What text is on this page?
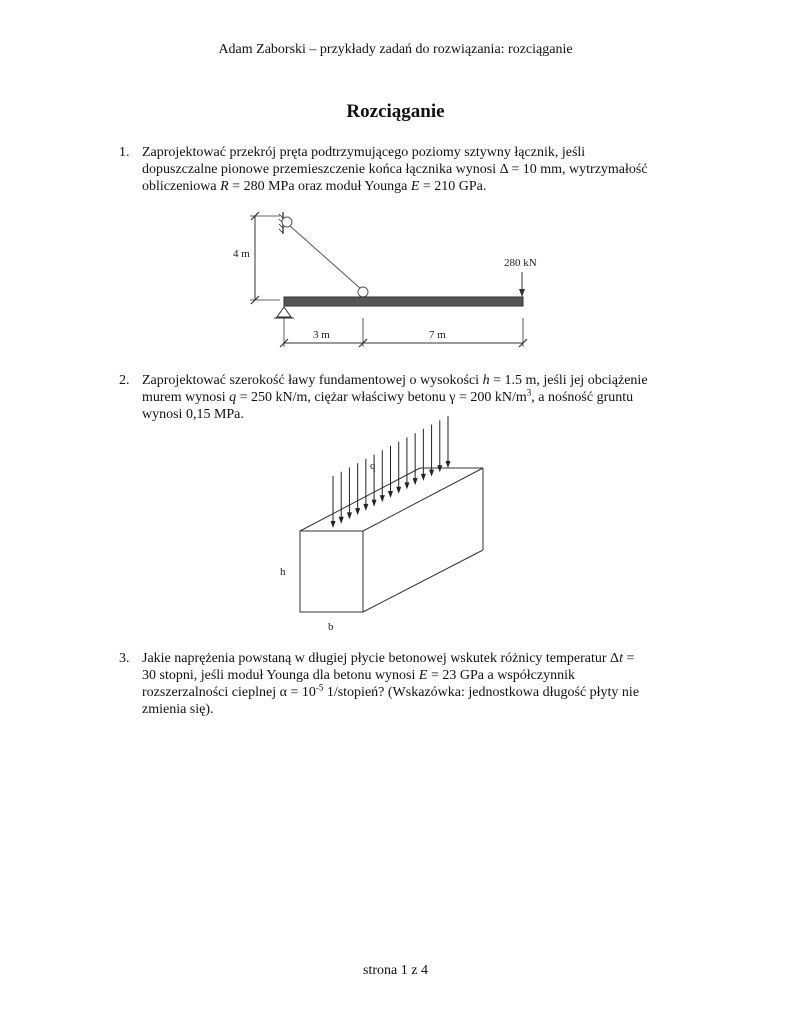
Adam Zaborski – przykłady zadań do rozwiązania: rozciąganie
Rozciąganie
1. Zaprojektować przekrój pręta podtrzymującego poziomy sztywny łącznik, jeśli

dopuszczalne pionowe przemieszczenie końca łącznika wynosi Δ = 10 mm, wytrzymałość

obliczeniowa R = 280 MPa oraz moduł Younga E = 210 GPa.

4 m
280 kN
3 m	7 m
2. Zaprojektować szerokość ławy fundamentowej o wysokości h = 1.5 m, jeśli jej obciążenie

murem wynosi q = 250 kN/m, ciężar właściwy betonu γ = 200 $kN/m^3$, a nośność gruntu

wynosi 0,15 MPa.

q
h
b
3. Jakie naprężenia powstaną w długiej płycie betonowej wskutek różnicy temperatur Δt =

30 stopni, jeśli moduł Younga dla betonu wynosi E = 23 GPa a współczynnik

rozszerzalności cieplnej $\alpha = 10^{-5}$ 1/stopień? (Wskazówka: jednostkowa długość płyty nie

zmienia się).

strona 1 z 4
